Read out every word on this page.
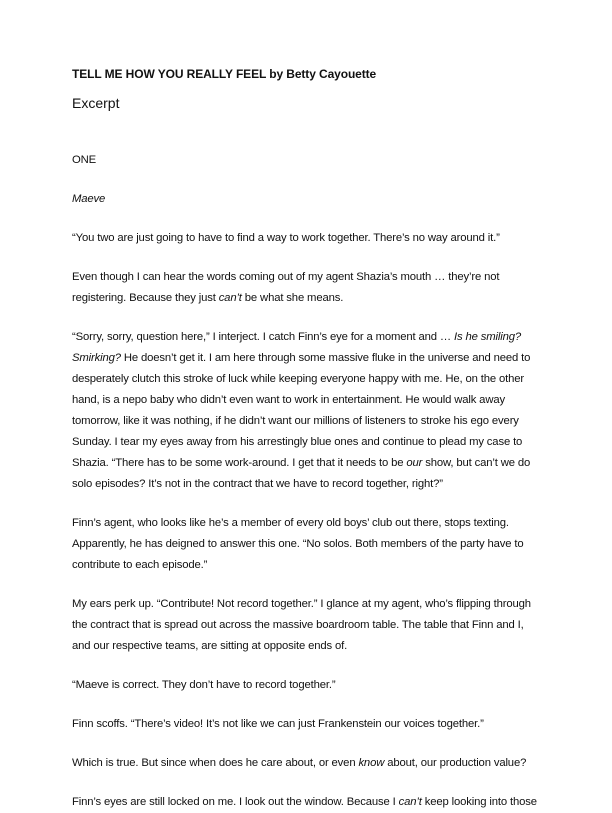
TELL ME HOW YOU REALLY FEEL by Betty Cayouette
Excerpt

ONE

Maeve

“You two are just going to have to find a way to work together. There’s no way around it.”

Even though I can hear the words coming out of my agent Shazia’s mouth … they’re not registering. Because they just can’t be what she means.

“Sorry, sorry, question here,” I interject. I catch Finn’s eye for a moment and … Is he smiling? Smirking? He doesn’t get it. I am here through some massive fluke in the universe and need to desperately clutch this stroke of luck while keeping everyone happy with me. He, on the other hand, is a nepo baby who didn’t even want to work in entertainment. He would walk away tomorrow, like it was nothing, if he didn’t want our millions of listeners to stroke his ego every Sunday. I tear my eyes away from his arrestingly blue ones and continue to plead my case to Shazia. “There has to be some work-around. I get that it needs to be our show, but can’t we do solo episodes? It’s not in the contract that we have to record together, right?”

Finn’s agent, who looks like he’s a member of every old boys’ club out there, stops texting. Apparently, he has deigned to answer this one. “No solos. Both members of the party have to contribute to each episode.”

My ears perk up. “Contribute! Not record together.” I glance at my agent, who’s flipping through the contract that is spread out across the massive boardroom table. The table that Finn and I, and our respective teams, are sitting at opposite ends of.

“Maeve is correct. They don’t have to record together.”

Finn scoffs. “There’s video! It’s not like we can just Frankenstein our voices together.”

Which is true. But since when does he care about, or even know about, our production value?

Finn’s eyes are still locked on me. I look out the window. Because I can’t keep looking into those
